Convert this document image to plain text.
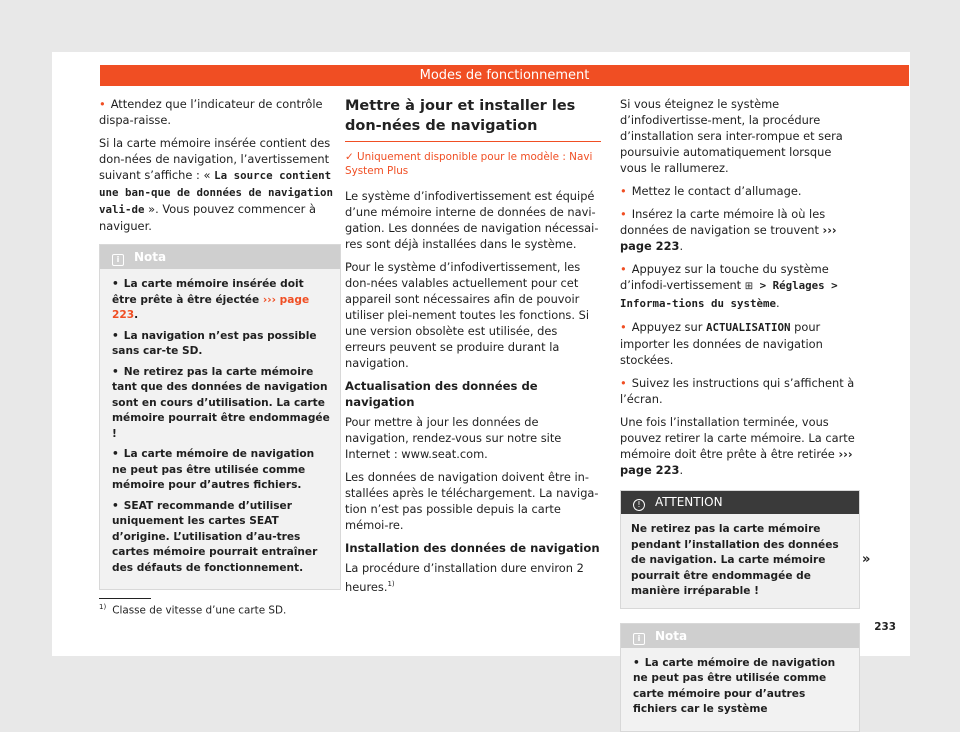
Modes de fonctionnement

• Attendez que l’indicateur de contrôle dispa-raisse.

Si la carte mémoire insérée contient des don-nées de navigation, l’avertissement suivant s’affiche : « La source contient une ban-que de données de navigation vali-de ». Vous pouvez commencer à naviguer.

i Nota

• La carte mémoire insérée doit être prête à être éjectée ››› page 223.

• La navigation n’est pas possible sans car-te SD.

• Ne retirez pas la carte mémoire tant que des données de navigation sont en cours d’utilisation. La carte mémoire pourrait être endommagée !

• La carte mémoire de navigation ne peut pas être utilisée comme mémoire pour d’autres fichiers.

• SEAT recommande d’utiliser uniquement les cartes SEAT d’origine. L’utilisation d’au-tres cartes mémoire pourrait entraîner des défauts de fonctionnement.

Mettre à jour et installer les don-nées de navigation
✓ Uniquement disponible pour le modèle : Navi System Plus

Le système d’infodivertissement est équipé d’une mémoire interne de données de navi-gation. Les données de navigation nécessai-res sont déjà installées dans le système.

Pour le système d’infodivertissement, les don-nées valables actuellement pour cet appareil sont nécessaires afin de pouvoir utiliser plei-nement toutes les fonctions. Si une version obsolète est utilisée, des erreurs peuvent se produire durant la navigation.

Actualisation des données de navigation

Pour mettre à jour les données de navigation, rendez-vous sur notre site Internet : www.seat.com.

Les données de navigation doivent être in-stallées après le téléchargement. La naviga-tion n’est pas possible depuis la carte mémoi-re.

Installation des données de navigation

La procédure d’installation dure environ 2 heures.$^{1)}$

Si vous éteignez le système d’infodivertisse-ment, la procédure d’installation sera inter-rompue et sera poursuivie automatiquement lorsque vous le rallumerez.

• Mettez le contact d’allumage.

• Insérez la carte mémoire là où les données de navigation se trouvent ››› page 223.

• Appuyez sur la touche du système d’infodi-vertissement ⊞ > Réglages > Informa-tions du système.

• Appuyez sur ACTUALISATION pour importer les données de navigation stockées.

• Suivez les instructions qui s’affichent à l’écran.

Une fois l’installation terminée, vous pouvez retirer la carte mémoire. La carte mémoire doit être prête à être retirée ››› page 223.

! ATTENTION
Ne retirez pas la carte mémoire pendant l’installation des données de navigation. La carte mémoire pourrait être endommagée de manière irréparable !
i Nota

• La carte mémoire de navigation ne peut pas être utilisée comme carte mémoire pour d’autres fichiers car le système

»
$^{1)}$ Classe de vitesse d’une carte SD.
233
